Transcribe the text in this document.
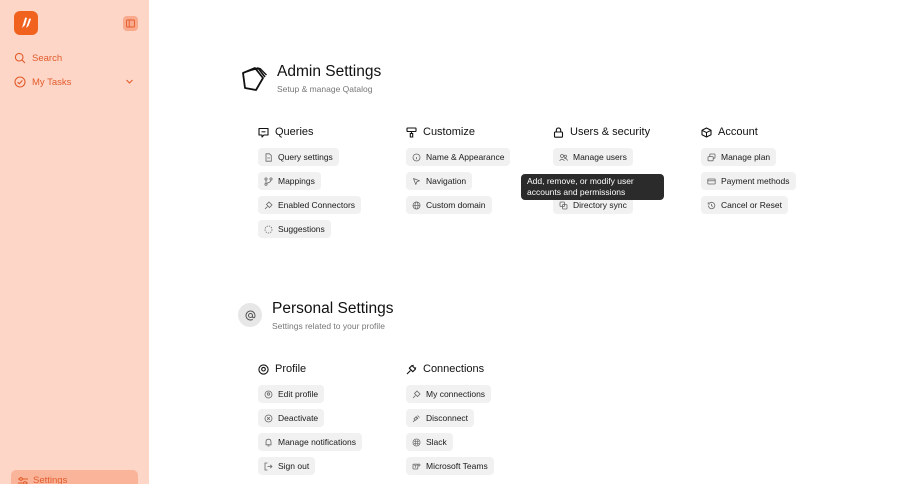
Search
My Tasks
Settings
Admin Settings
Setup & manage Qatalog
Queries
Query settings
Mappings
Enabled Connectors
Suggestions
Customize
Name & Appearance
Navigation
Custom domain
Users & security
Manage users
Directory sync
Account
Manage plan
Payment methods
Cancel or Reset
Add, remove, or modify user
accounts and permissions
Personal Settings
Settings related to your profile
Profile
Edit profile
Deactivate
Manage notifications
Sign out
Connections
My connections
Disconnect
Slack
Microsoft Teams
